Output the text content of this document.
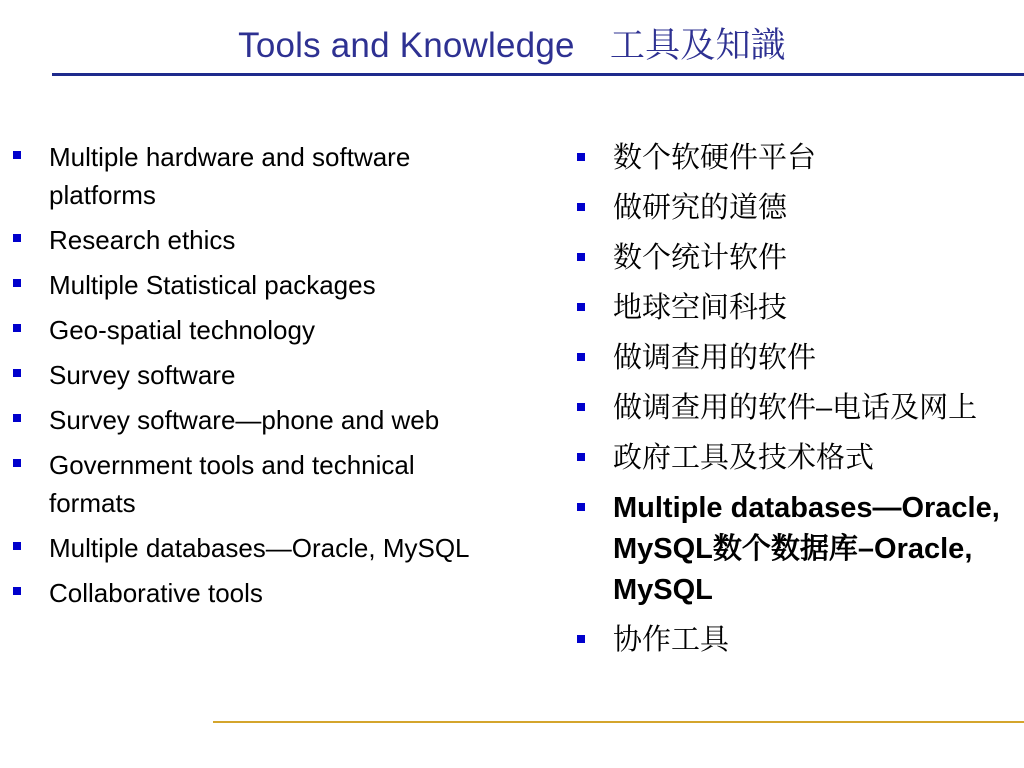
Tools and Knowledge　工具及知識
Multiple hardware and software platforms
Research ethics
Multiple Statistical packages
Geo-spatial technology
Survey software
Survey software—phone and web
Government tools and technical formats
Multiple databases—Oracle, MySQL
Collaborative tools
数个软硬件平台
做研究的道德
数个统计软件
地球空间科技
做调查用的软件
做调查用的软件–电话及网上
政府工具及技术格式
Multiple databases—Oracle, MySQL数个数据库–Oracle, MySQL
协作工具
